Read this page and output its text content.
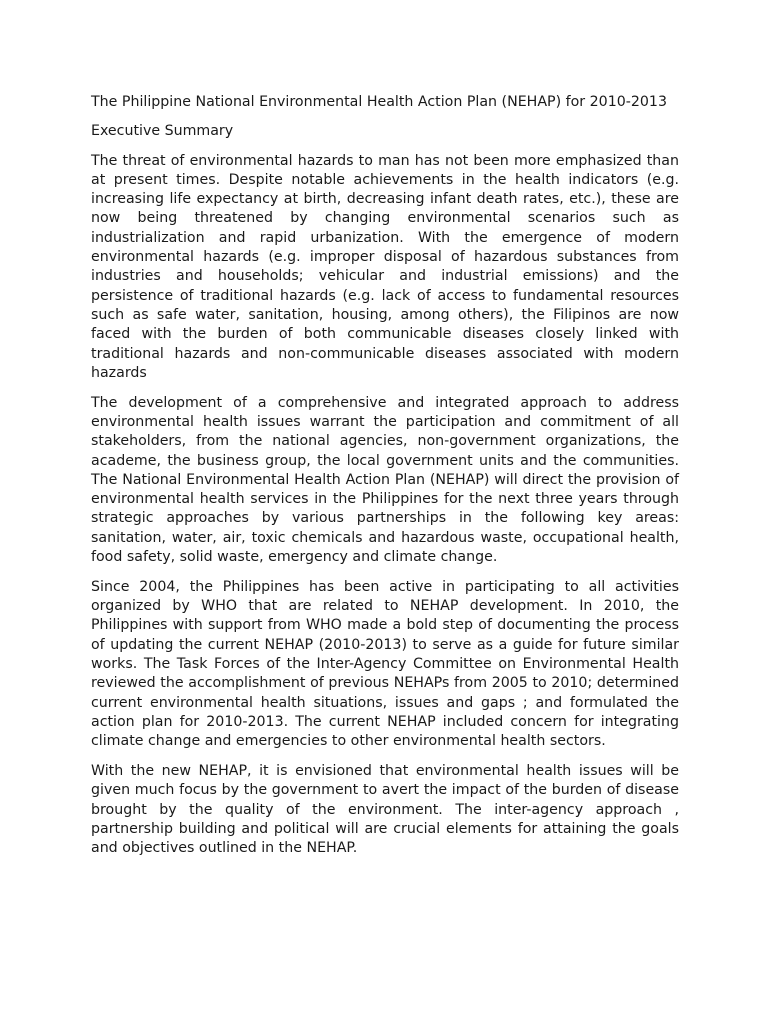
The Philippine National Environmental Health Action Plan (NEHAP) for 2010-2013

Executive Summary

The threat of environmental hazards to man has not been more emphasized than at present times. Despite notable achievements in the health indicators (e.g. increasing life expectancy at birth, decreasing infant death rates, etc.), these are now being threatened by changing environmental scenarios such as industrialization and rapid urbanization. With the emergence of modern environmental hazards (e.g. improper disposal of hazardous substances from industries and households; vehicular and industrial emissions) and the persistence of traditional hazards (e.g. lack of access to fundamental resources such as safe water, sanitation, housing, among others), the Filipinos are now faced with the burden of both communicable diseases closely linked with traditional hazards and non-communicable diseases associated with modern hazards

The development of a comprehensive and integrated approach to address environmental health issues warrant the participation and commitment of all stakeholders, from the national agencies, non-government organizations, the academe, the business group, the local government units and the communities. The National Environmental Health Action Plan (NEHAP) will direct the provision of environmental health services in the Philippines for the next three years through strategic approaches by various partnerships in the following key areas: sanitation, water, air, toxic chemicals and hazardous waste, occupational health, food safety, solid waste, emergency and climate change.

Since 2004, the Philippines has been active in participating to all activities organized by WHO that are related to NEHAP development. In 2010, the Philippines with support from WHO made a bold step of documenting the process of updating the current NEHAP (2010-2013) to serve as a guide for future similar works. The Task Forces of the Inter-Agency Committee on Environmental Health reviewed the accomplishment of previous NEHAPs from 2005 to 2010; determined current environmental health situations, issues and gaps ; and formulated the action plan for 2010-2013. The current NEHAP included concern for integrating climate change and emergencies to other environmental health sectors.

With the new NEHAP, it is envisioned that environmental health issues will be given much focus by the government to avert the impact of the burden of disease brought by the quality of the environment. The inter-agency approach , partnership building and political will are crucial elements for attaining the goals and objectives outlined in the NEHAP.
